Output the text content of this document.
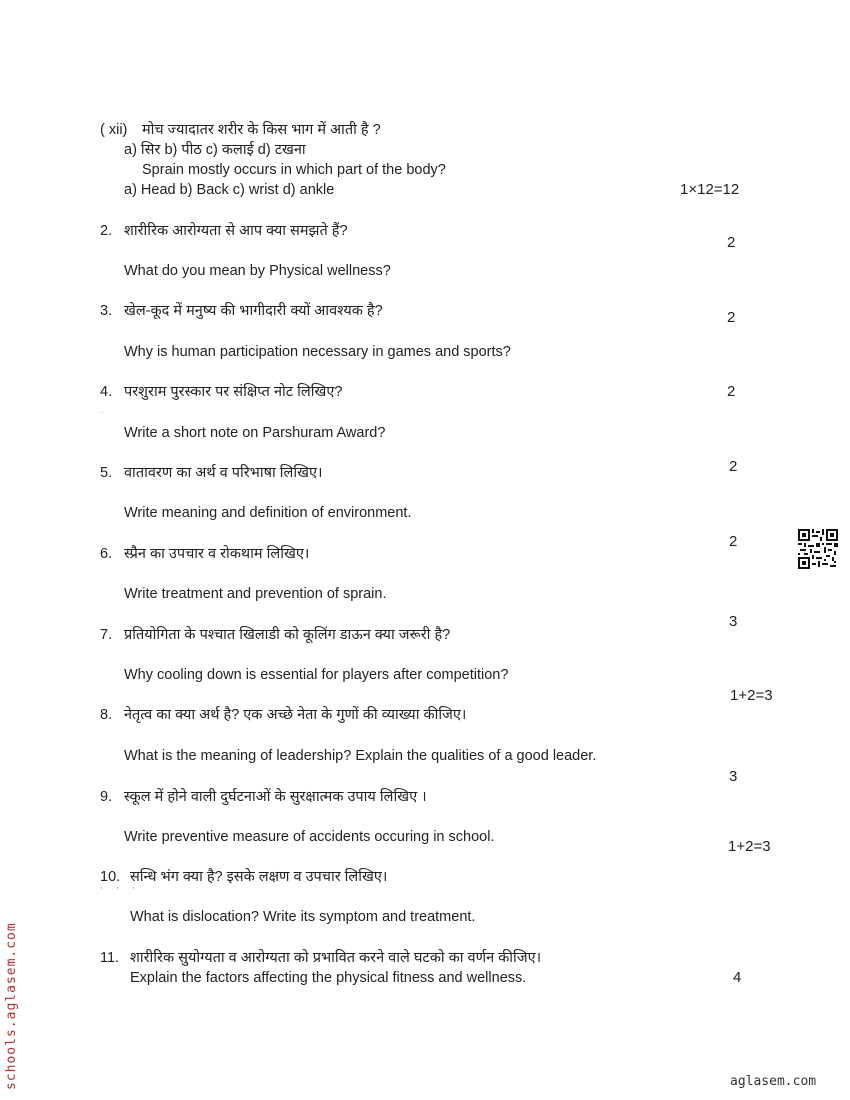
( xii) मोच ज्यादातर शरीर के किस भाग में आती है ?
a) सिर b) पीठ c) कलाई d) टखना
Sprain mostly occurs in which part of the body?
a) Head b) Back c) wrist d) ankle	1×12=12
2. शारीरिक आरोग्यता से आप क्या समझते हैं?
What do you mean by Physical wellness?
2
3. खेल-कूद में मनुष्य की भागीदारी क्यों आवश्यक है?
Why is human participation necessary in games and sports?
2
4. परशुराम पुरस्कार पर संक्षिप्त नोट लिखिए?
Write a short note on Parshuram Award?
2
.
5. वातावरण का अर्थ व परिभाषा लिखिए।
Write meaning and definition of environment.
2
6. स्प्रैन का उपचार व रोकथाम लिखिए।
Write treatment and prevention of sprain.
2
7. प्रतियोगिता के पश्चात खिलाडी को कूलिंग डाऊन क्या जरूरी है?
Why cooling down is essential for players after competition?
3
8. नेतृत्व का क्या अर्थ है? एक अच्छे नेता के गुणों की व्याख्या कीजिए।
What is the meaning of leadership? Explain the qualities of a good leader.
1+2=3
9. स्कूल में होने वाली दुर्घटनाओं के सुरक्षात्मक उपाय लिखिए ।
Write preventive measure of accidents occuring in school.
3
10. सन्धि भंग क्या है? इसके लक्षण व उपचार लिखिए।
What is dislocation? Write its symptom and treatment.
1+2=3
' ' '
11. शारीरिक सुयोग्यता व आरोग्यता को प्रभावित करने वाले घटको का वर्णन कीजिए।
Explain the factors affecting the physical fitness and wellness.	4
schools.aglasem.com	aglasem.com
